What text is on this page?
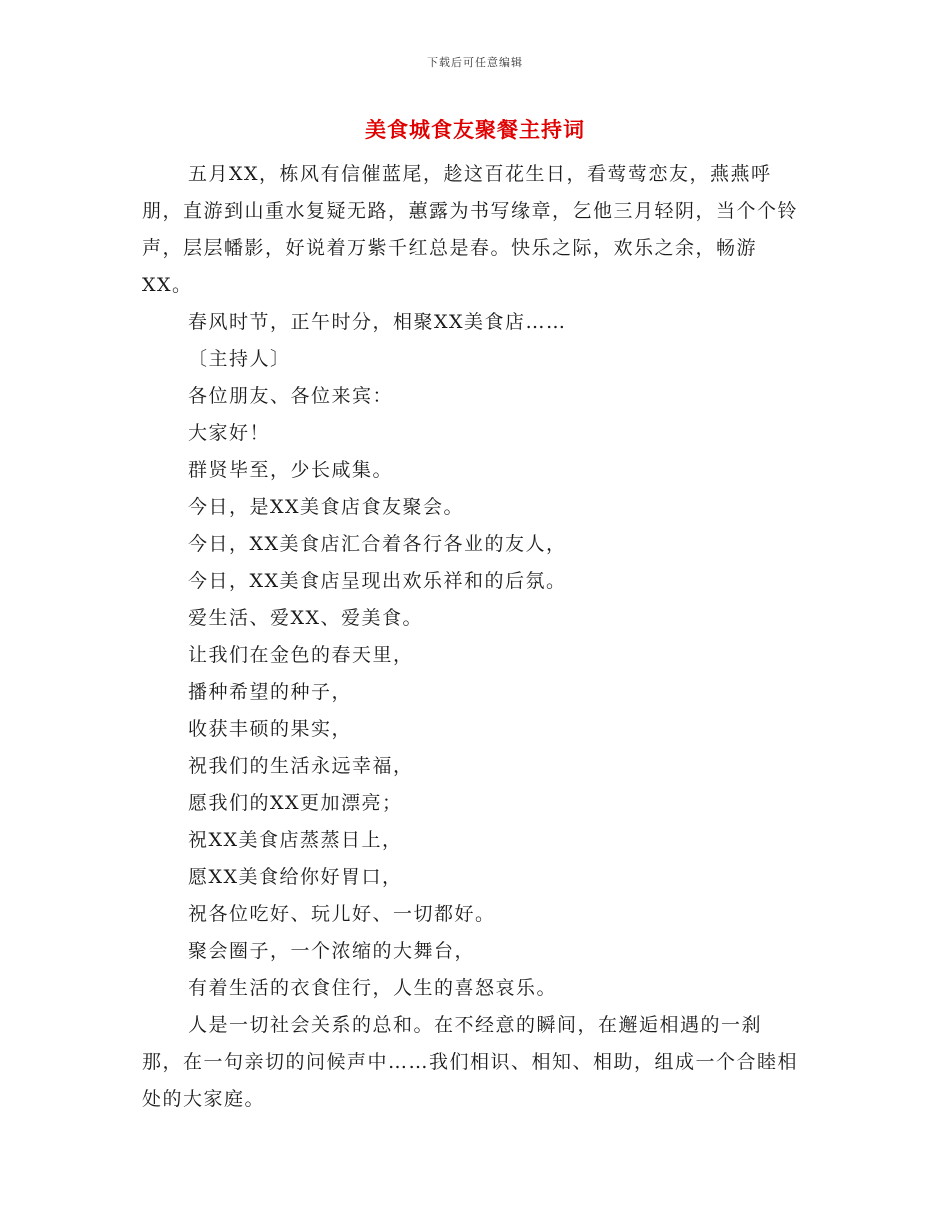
下载后可任意编辑
美食城食友聚餐主持词

五月XX，栋风有信催蓝尾，趁这百花生日，看莺莺恋友，燕燕呼朋，直游到山重水复疑无路，蕙露为书写缘章，乞他三月轻阴，当个个铃声，层层幡影，好说着万紫千红总是春。快乐之际，欢乐之余，畅游XX。

春风时节，正午时分，相聚XX美食店……

〔主持人〕

各位朋友、各位来宾：

大家好！

群贤毕至，少长咸集。

今日，是XX美食店食友聚会。

今日，XX美食店汇合着各行各业的友人，

今日，XX美食店呈现出欢乐祥和的后氛。

爱生活、爱XX、爱美食。

让我们在金色的春天里，

播种希望的种子，

收获丰硕的果实，

祝我们的生活永远幸福，

愿我们的XX更加漂亮；

祝XX美食店蒸蒸日上，

愿XX美食给你好胃口，

祝各位吃好、玩儿好、一切都好。

聚会圈子，一个浓缩的大舞台，

有着生活的衣食住行，人生的喜怒哀乐。

人是一切社会关系的总和。在不经意的瞬间，在邂逅相遇的一刹那，在一句亲切的问候声中……我们相识、相知、相助，组成一个合睦相处的大家庭。
